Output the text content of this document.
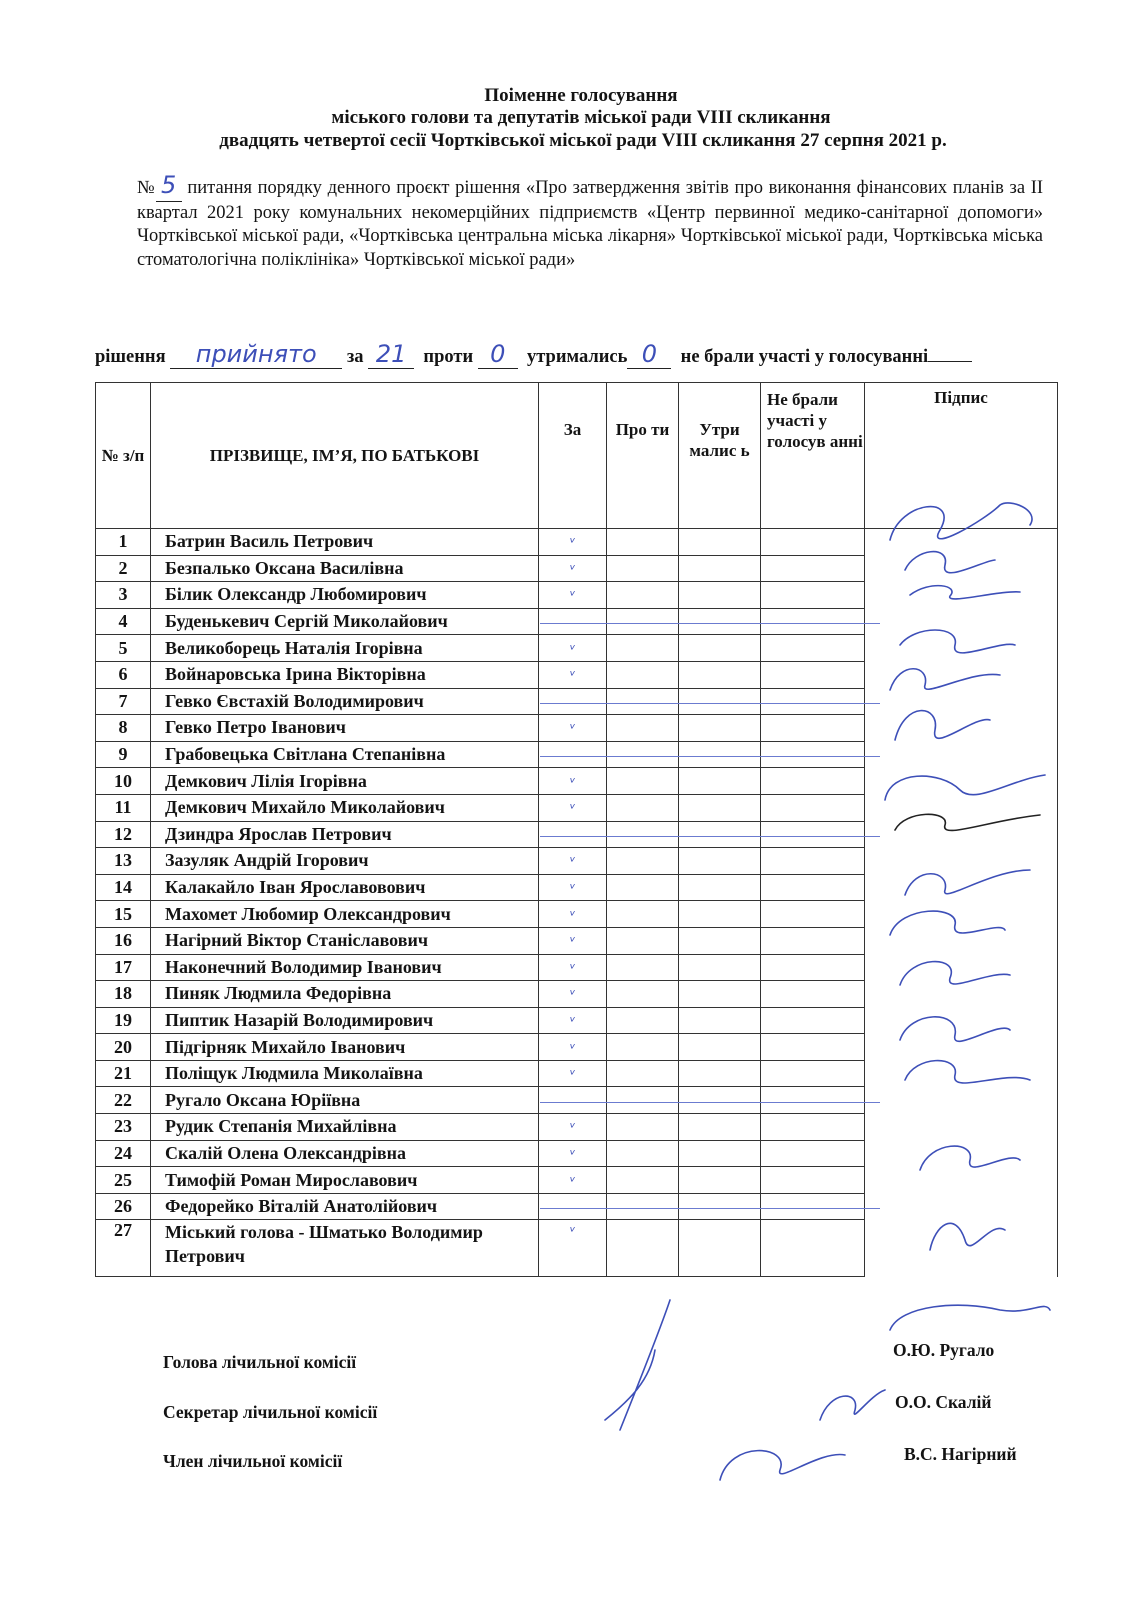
Поіменне голосування
міського голови та депутатів міської ради VIII скликання
двадцять четвертої сесії Чортківської міської ради VIII скликання 27 серпня 2021 р.
№ 5 питання порядку денного проєкт рішення «Про затвердження звітів про виконання фінансових планів за ІІ квартал 2021 року комунальних некомерційних підприємств «Центр первинної медико-санітарної допомоги» Чортківської міської ради, «Чортківська центральна міська лікарня» Чортківської міської ради, Чортківська міська стоматологічна поліклініка» Чортківської міської ради»
рішення прийнято за 21 проти 0 утримались 0 не брали участі у голосуванні
№ з/п	ПРІЗВИЩЕ, ІМ’Я, ПО БАТЬКОВІ	За	Про ти	Утри малис ь	Не брали участі у голосув анні	Підпис
1	Батрин Василь Петрович	ᵛ				
2	Безпалько Оксана Василівна	ᵛ				
3	Білик Олександр Любомирович	ᵛ				
4	Буденькевич Сергій Миколайович					
5	Великоборець Наталія Ігорівна	ᵛ				
6	Войнаровська Ірина Вікторівна	ᵛ				
7	Гевко Євстахій Володимирович					
8	Гевко Петро Іванович	ᵛ				
9	Грабовецька Світлана Степанівна					
10	Демкович Лілія Ігорівна	ᵛ				
11	Демкович Михайло Миколайович	ᵛ				
12	Дзиндра Ярослав Петрович					
13	Зазуляк Андрій Ігорович	ᵛ				
14	Калакайло Іван Ярославовович	ᵛ				
15	Махомет Любомир Олександрович	ᵛ				
16	Нагірний Віктор Станіславович	ᵛ				
17	Наконечний Володимир Іванович	ᵛ				
18	Пиняк Людмила Федорівна	ᵛ				
19	Пиптик Назарій Володимирович	ᵛ				
20	Підгірняк Михайло Іванович	ᵛ				
21	Поліщук Людмила Миколаївна	ᵛ				
22	Ругало Оксана Юріївна					
23	Рудик Степанія Михайлівна	ᵛ				
24	Скалій Олена Олександрівна	ᵛ				
25	Тимофій Роман Мирославович	ᵛ				
26	Федорейко Віталій Анатолійович					
27	Міський голова - Шматько Володимир Петрович	ᵛ				
Голова лічильної комісії
О.Ю. Ругало
Секретар лічильної комісії	О.О. Скалій
Член лічильної комісії	В.С. Нагірний
